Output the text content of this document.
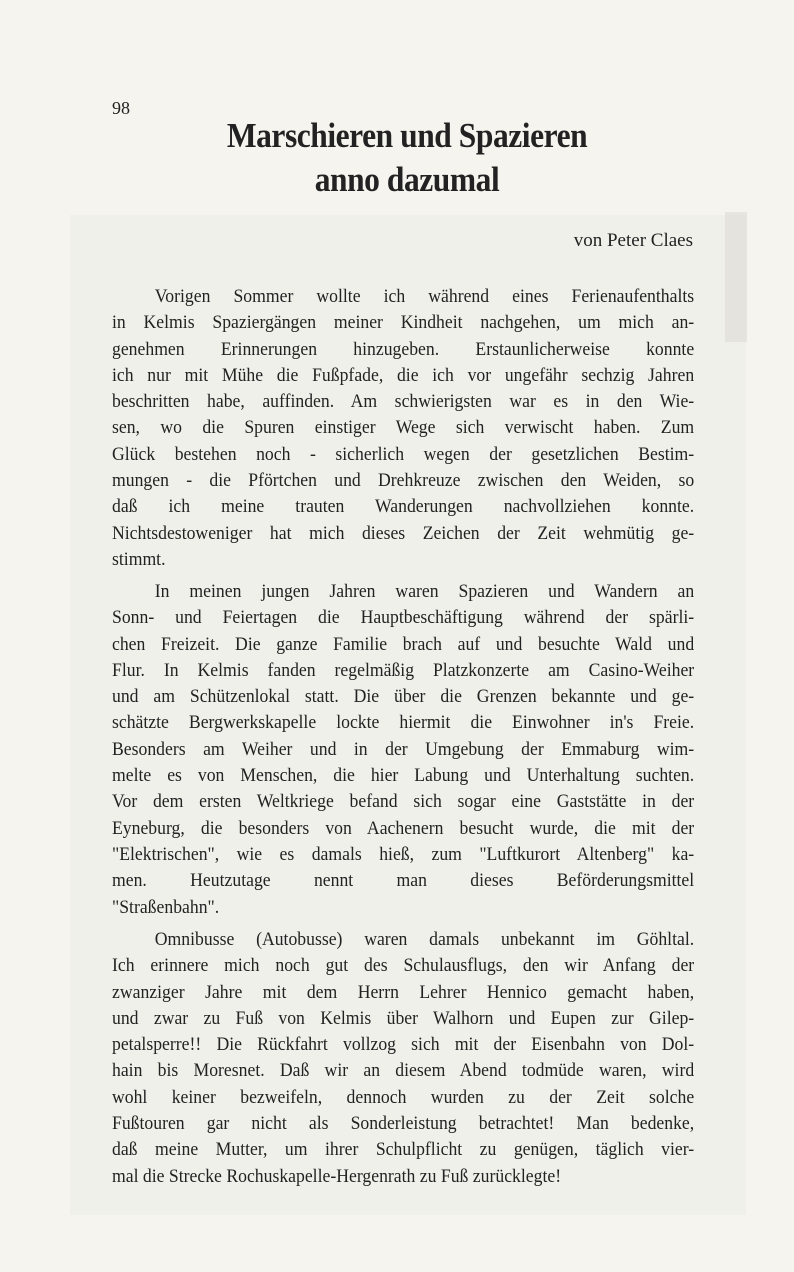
98
Marschieren und Spazieren
anno dazumal
von Peter Claes
Vorigen Sommer wollte ich während eines Ferienaufenthalts
in Kelmis Spaziergängen meiner Kindheit nachgehen, um mich an-
genehmen Erinnerungen hinzugeben. Erstaunlicherweise konnte
ich nur mit Mühe die Fußpfade, die ich vor ungefähr sechzig Jahren
beschritten habe, auffinden. Am schwierigsten war es in den Wie-
sen, wo die Spuren einstiger Wege sich verwischt haben. Zum
Glück bestehen noch - sicherlich wegen der gesetzlichen Bestim-
mungen - die Pförtchen und Drehkreuze zwischen den Weiden, so
daß ich meine trauten Wanderungen nachvollziehen konnte.
Nichtsdestoweniger hat mich dieses Zeichen der Zeit wehmütig ge-
stimmt.
In meinen jungen Jahren waren Spazieren und Wandern an
Sonn- und Feiertagen die Hauptbeschäftigung während der spärli-
chen Freizeit. Die ganze Familie brach auf und besuchte Wald und
Flur. In Kelmis fanden regelmäßig Platzkonzerte am Casino-Weiher
und am Schützenlokal statt. Die über die Grenzen bekannte und ge-
schätzte Bergwerkskapelle lockte hiermit die Einwohner in's Freie.
Besonders am Weiher und in der Umgebung der Emmaburg wim-
melte es von Menschen, die hier Labung und Unterhaltung suchten.
Vor dem ersten Weltkriege befand sich sogar eine Gaststätte in der
Eyneburg, die besonders von Aachenern besucht wurde, die mit der
"Elektrischen", wie es damals hieß, zum "Luftkurort Altenberg" ka-
men. Heutzutage nennt man dieses Beförderungsmittel
"Straßenbahn".
Omnibusse (Autobusse) waren damals unbekannt im Göhltal.
Ich erinnere mich noch gut des Schulausflugs, den wir Anfang der
zwanziger Jahre mit dem Herrn Lehrer Hennico gemacht haben,
und zwar zu Fuß von Kelmis über Walhorn und Eupen zur Gilep-
petalsperre!! Die Rückfahrt vollzog sich mit der Eisenbahn von Dol-
hain bis Moresnet. Daß wir an diesem Abend todmüde waren, wird
wohl keiner bezweifeln, dennoch wurden zu der Zeit solche
Fußtouren gar nicht als Sonderleistung betrachtet! Man bedenke,
daß meine Mutter, um ihrer Schulpflicht zu genügen, täglich vier-
mal die Strecke Rochuskapelle-Hergenrath zu Fuß zurücklegte!
